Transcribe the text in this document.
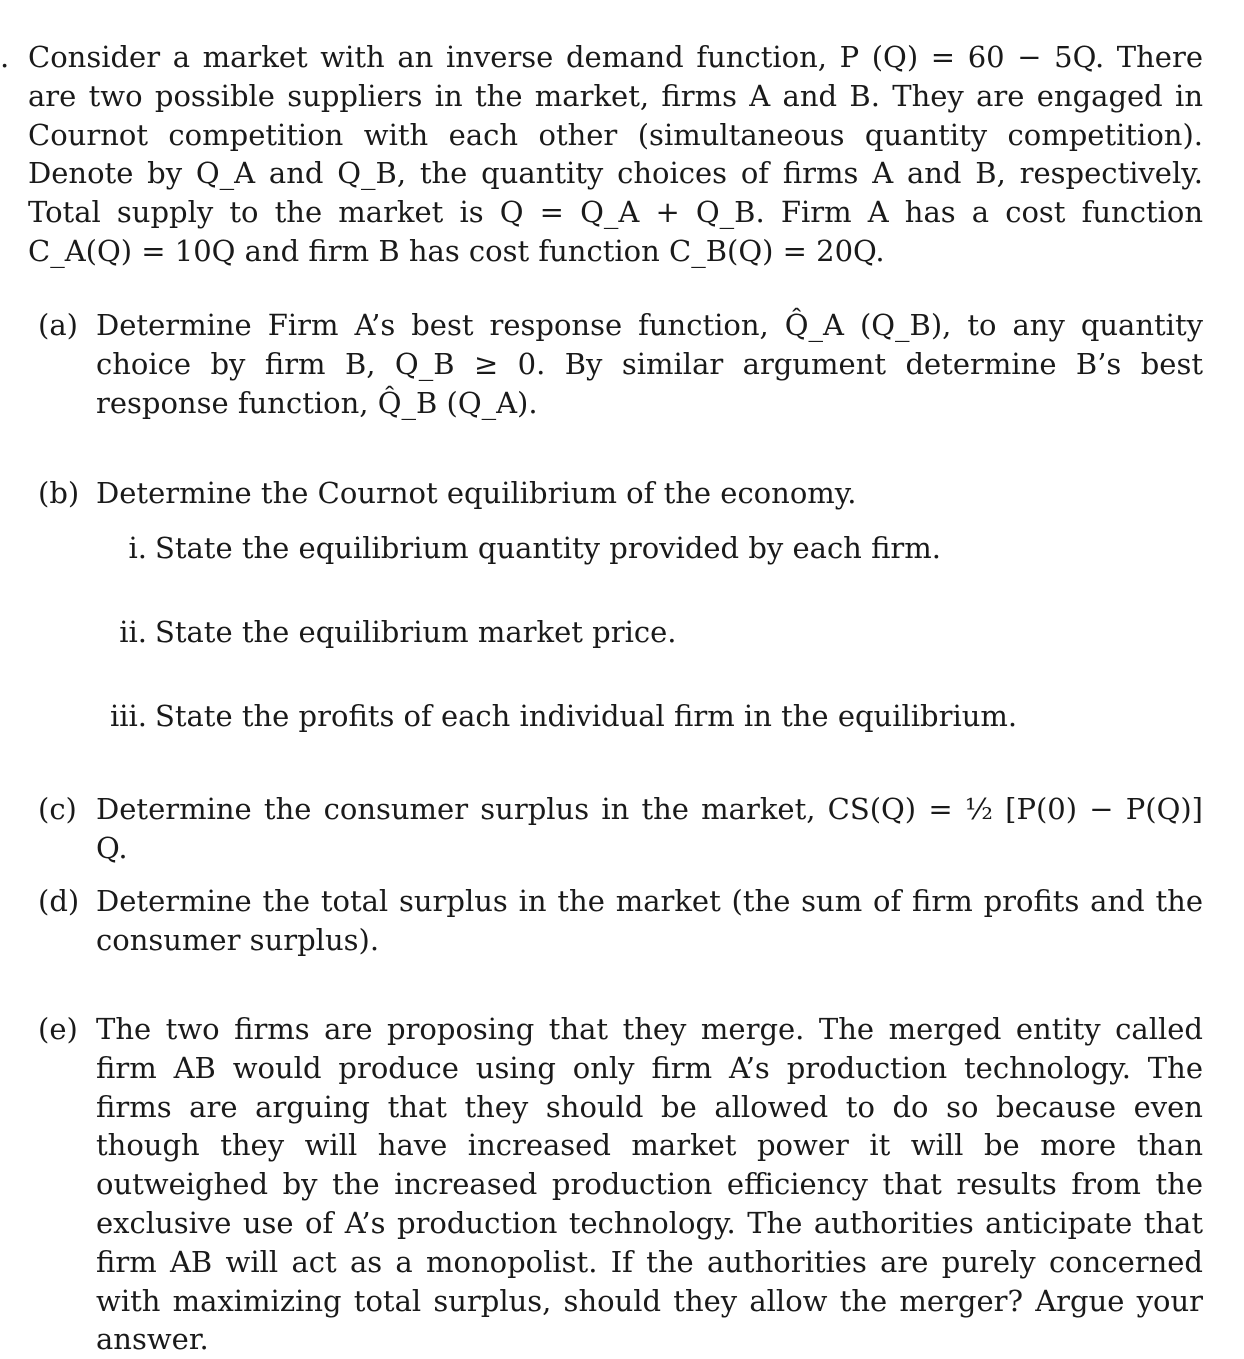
. Consider a market with an inverse demand function, P (Q) = 60 − 5Q. There are two possible suppliers in the market, firms A and B. They are engaged in Cournot competition with each other (simultaneous quantity competition). Denote by Q_A and Q_B, the quantity choices of firms A and B, respectively. Total supply to the market is Q = Q_A + Q_B. Firm A has a cost function C_A(Q) = 10Q and firm B has cost function C_B(Q) = 20Q.

(a) Determine Firm A’s best response function, Q̂_A (Q_B), to any quantity choice by firm B, Q_B ≥ 0. By similar argument determine B’s best response function, Q̂_B (Q_A).

(b) Determine the Cournot equilibrium of the economy.

i. State the equilibrium quantity provided by each firm.

ii. State the equilibrium market price.

iii. State the profits of each individual firm in the equilibrium.

(c) Determine the consumer surplus in the market, CS(Q) = ½ [P(0) − P(Q)] Q.

(d) Determine the total surplus in the market (the sum of firm profits and the consumer surplus).

(e) The two firms are proposing that they merge. The merged entity called firm AB would produce using only firm A’s production technology. The firms are arguing that they should be allowed to do so because even though they will have increased market power it will be more than outweighed by the increased production efficiency that results from the exclusive use of A’s production technology. The authorities anticipate that firm AB will act as a monopolist. If the authorities are purely concerned with maximizing total surplus, should they allow the merger? Argue your answer.
